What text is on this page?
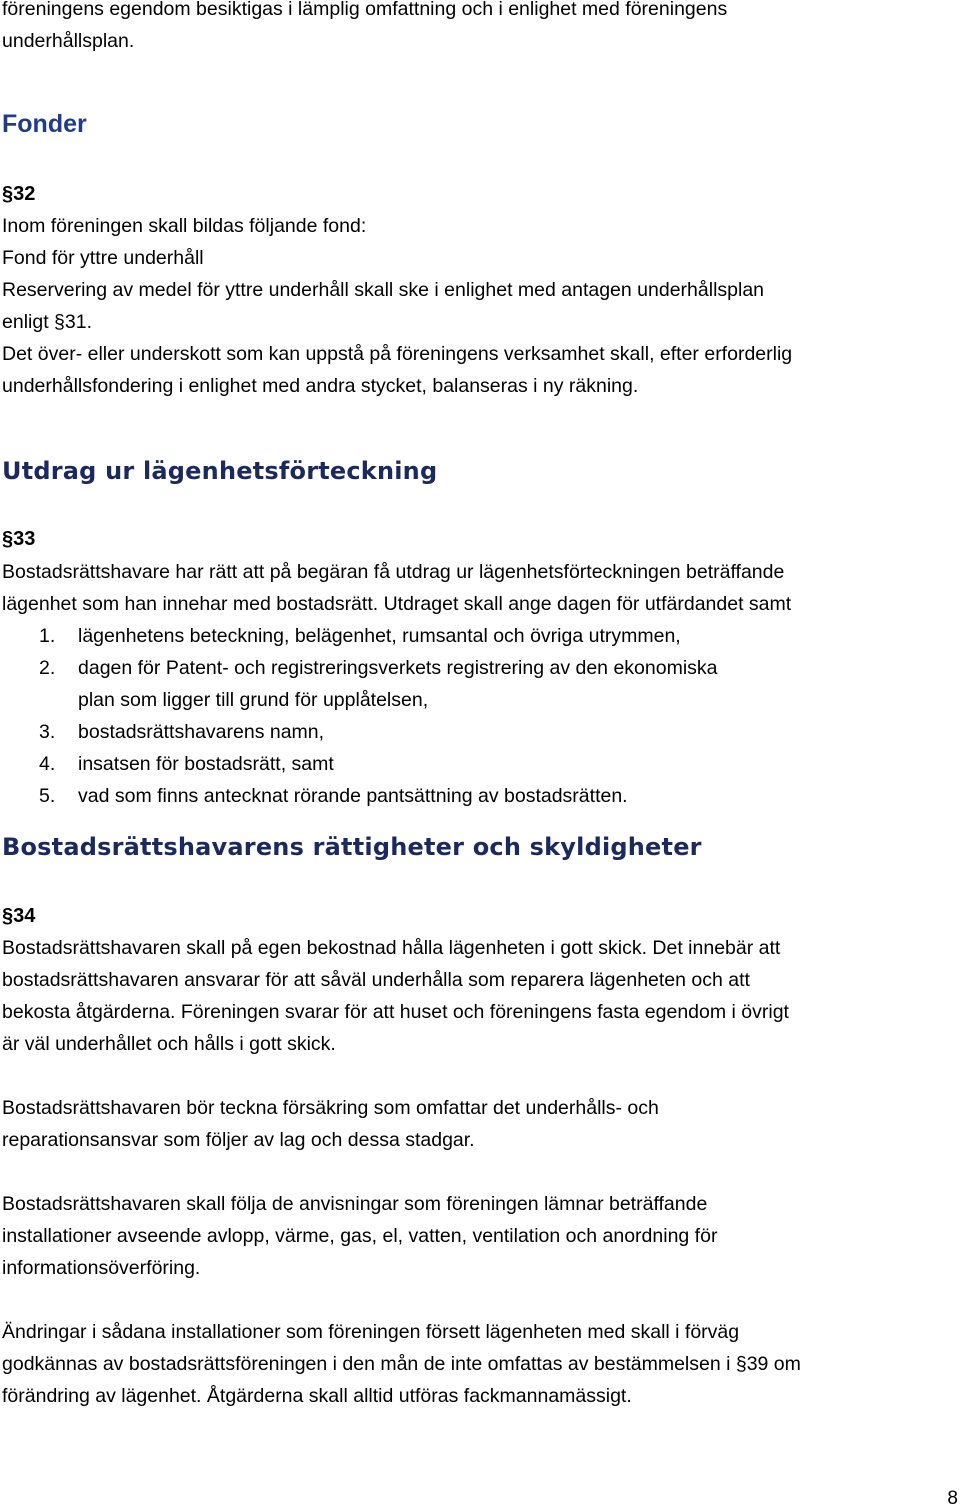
föreningens egendom besiktigas i lämplig omfattning och i enlighet med föreningens
underhållsplan.
Fonder
§32
Inom föreningen skall bildas följande fond:
Fond för yttre underhåll
Reservering av medel för yttre underhåll skall ske i enlighet med antagen underhållsplan
enligt §31.
Det över- eller underskott som kan uppstå på föreningens verksamhet skall, efter erforderlig
underhållsfondering i enlighet med andra stycket, balanseras i ny räkning.
Utdrag ur lägenhetsförteckning
§33
Bostadsrättshavare har rätt att på begäran få utdrag ur lägenhetsförteckningen beträffande
lägenhet som han innehar med bostadsrätt. Utdraget skall ange dagen för utfärdandet samt
1.	lägenhetens beteckning, belägenhet, rumsantal och övriga utrymmen,
2.	dagen för Patent- och registreringsverkets registrering av den ekonomiska
plan som ligger till grund för upplåtelsen,
3.	bostadsrättshavarens namn,
4.	insatsen för bostadsrätt, samt
5.	vad som finns antecknat rörande pantsättning av bostadsrätten.
Bostadsrättshavarens rättigheter och skyldigheter
§34
Bostadsrättshavaren skall på egen bekostnad hålla lägenheten i gott skick. Det innebär att
bostadsrättshavaren ansvarar för att såväl underhålla som reparera lägenheten och att
bekosta åtgärderna. Föreningen svarar för att huset och föreningens fasta egendom i övrigt
är väl underhållet och hålls i gott skick.
Bostadsrättshavaren bör teckna försäkring som omfattar det underhålls- och
reparationsansvar som följer av lag och dessa stadgar.
Bostadsrättshavaren skall följa de anvisningar som föreningen lämnar beträffande
installationer avseende avlopp, värme, gas, el, vatten, ventilation och anordning för
informationsöverföring.
Ändringar i sådana installationer som föreningen försett lägenheten med skall i förväg
godkännas av bostadsrättsföreningen i den mån de inte omfattas av bestämmelsen i §39 om
förändring av lägenhet. Åtgärderna skall alltid utföras fackmannamässigt.
8
